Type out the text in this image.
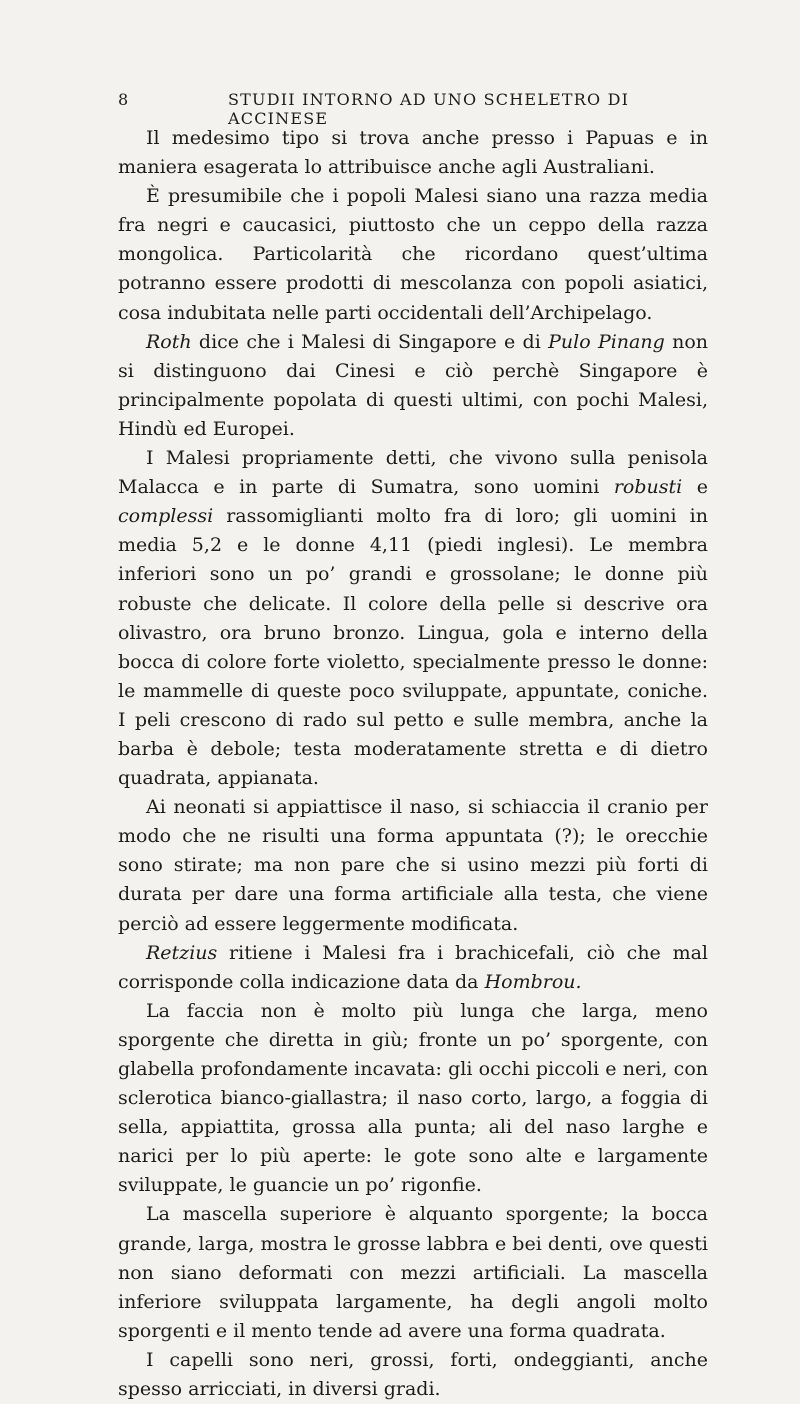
8	STUDII INTORNO AD UNO SCHELETRO DI ACCINESE

Il medesimo tipo si trova anche presso i Papuas e in maniera esagerata lo attribuisce anche agli Australiani.

È presumibile che i popoli Malesi siano una razza media fra negri e caucasici, piuttosto che un ceppo della razza mongolica. Particolarità che ricordano quest’ultima potranno essere prodotti di mescolanza con popoli asiatici, cosa indubitata nelle parti occidentali dell’Archipelago.

Roth dice che i Malesi di Singapore e di Pulo Pinang non si distinguono dai Cinesi e ciò perchè Singapore è principalmente popolata di questi ultimi, con pochi Malesi, Hindù ed Europei.

I Malesi propriamente detti, che vivono sulla penisola Malacca e in parte di Sumatra, sono uomini robusti e complessi rassomiglianti molto fra di loro; gli uomini in media 5,2 e le donne 4,11 (piedi inglesi). Le membra inferiori sono un po’ grandi e grossolane; le donne più robuste che delicate. Il colore della pelle si descrive ora olivastro, ora bruno bronzo. Lingua, gola e interno della bocca di colore forte violetto, specialmente presso le donne: le mammelle di queste poco sviluppate, appuntate, coniche. I peli crescono di rado sul petto e sulle membra, anche la barba è debole; testa moderatamente stretta e di dietro quadrata, appianata.

Ai neonati si appiattisce il naso, si schiaccia il cranio per modo che ne risulti una forma appuntata (?); le orecchie sono stirate; ma non pare che si usino mezzi più forti di durata per dare una forma artificiale alla testa, che viene perciò ad essere leggermente modificata.

Retzius ritiene i Malesi fra i brachicefali, ciò che mal corrisponde colla indicazione data da Hombrou.

La faccia non è molto più lunga che larga, meno sporgente che diretta in giù; fronte un po’ sporgente, con glabella profondamente incavata: gli occhi piccoli e neri, con sclerotica bianco-giallastra; il naso corto, largo, a foggia di sella, appiattita, grossa alla punta; ali del naso larghe e narici per lo più aperte: le gote sono alte e largamente sviluppate, le guancie un po’ rigonfie.

La mascella superiore è alquanto sporgente; la bocca grande, larga, mostra le grosse labbra e bei denti, ove questi non siano deformati con mezzi artificiali. La mascella inferiore sviluppata largamente, ha degli angoli molto sporgenti e il mento tende ad avere una forma quadrata.

I capelli sono neri, grossi, forti, ondeggianti, anche spesso arricciati, in diversi gradi.
